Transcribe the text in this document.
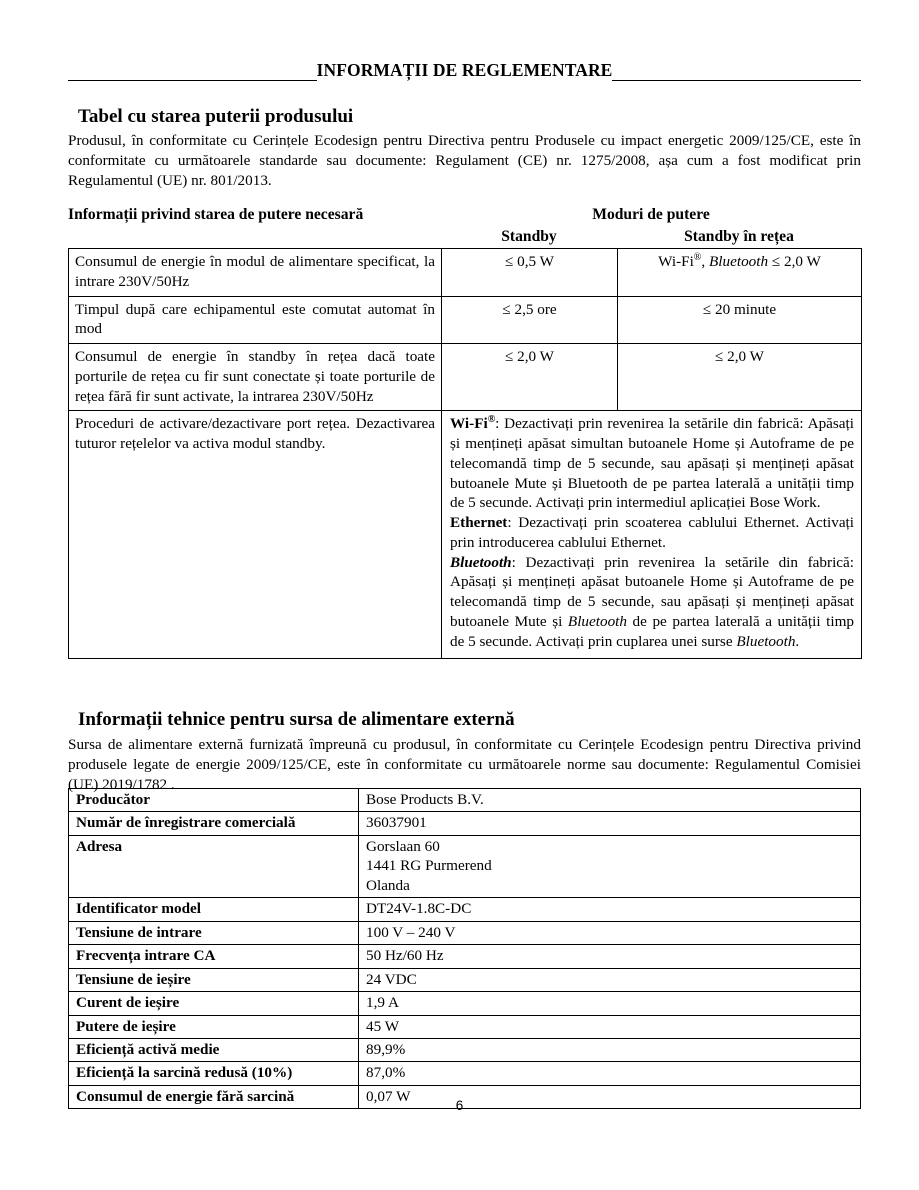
INFORMAȚII DE REGLEMENTARE
Tabel cu starea puterii produsului
Produsul, în conformitate cu Cerințele Ecodesign pentru Directiva pentru Produsele cu impact energetic 2009/125/CE, este în conformitate cu următoarele standarde sau documente: Regulament (CE) nr. 1275/2008, așa cum a fost modificat prin Regulamentul (UE) nr. 801/2013.
Informații privind starea de putere necesară	Moduri de putere
Standby	Standby în rețea
Consumul de energie în modul de alimentare specificat, la intrare 230V/50Hz	≤ 0,5 W	Wi-Fi®, Bluetooth ≤ 2,0 W
Timpul după care echipamentul este comutat automat în mod	≤ 2,5 ore	≤ 20 minute
Consumul de energie în standby în rețea dacă toate porturile de rețea cu fir sunt conectate și toate porturile de rețea fără fir sunt activate, la intrarea 230V/50Hz	≤ 2,0 W	≤ 2,0 W
Proceduri de activare/dezactivare port rețea. Dezactivarea tuturor rețelelor va activa modul standby.	Wi-Fi®: Dezactivați prin revenirea la setările din fabrică: Apăsați și mențineți apăsat simultan butoanele Home și Autoframe de pe telecomandă timp de 5 secunde, sau apăsați și mențineți apăsat butoanele Mute și Bluetooth de pe partea laterală a unității timp de 5 secunde. Activați prin intermediul aplicației Bose Work.
Ethernet: Dezactivați prin scoaterea cablului Ethernet. Activați prin introducerea cablului Ethernet.
Bluetooth: Dezactivați prin revenirea la setările din fabrică: Apăsați și mențineți apăsat butoanele Home și Autoframe de pe telecomandă timp de 5 secunde, sau apăsați și mențineți apăsat butoanele Mute și Bluetooth de pe partea laterală a unității timp de 5 secunde. Activați prin cuplarea unei surse Bluetooth.	
Informații tehnice pentru sursa de alimentare externă
Sursa de alimentare externă furnizată împreună cu produsul, în conformitate cu Cerințele Ecodesign pentru Directiva privind produsele legate de energie 2009/125/CE, este în conformitate cu următoarele norme sau documente: Regulamentul Comisiei (UE) 2019/1782 .
Producător	Bose Products B.V.
Număr de înregistrare comercială	36037901
Adresa	Gorslaan 60
1441 RG Purmerend
Olanda

Identificator model	DT24V-1.8C-DC
Tensiune de intrare	100 V – 240 V
Frecvența intrare CA	50 Hz/60 Hz
Tensiune de ieșire	24 VDC
Curent de ieșire	1,9 A
Putere de ieșire	45 W
Eficiență activă medie	89,9%
Eficiență la sarcină redusă (10%)	87,0%
Consumul de energie fără sarcină	0,07 W
6
